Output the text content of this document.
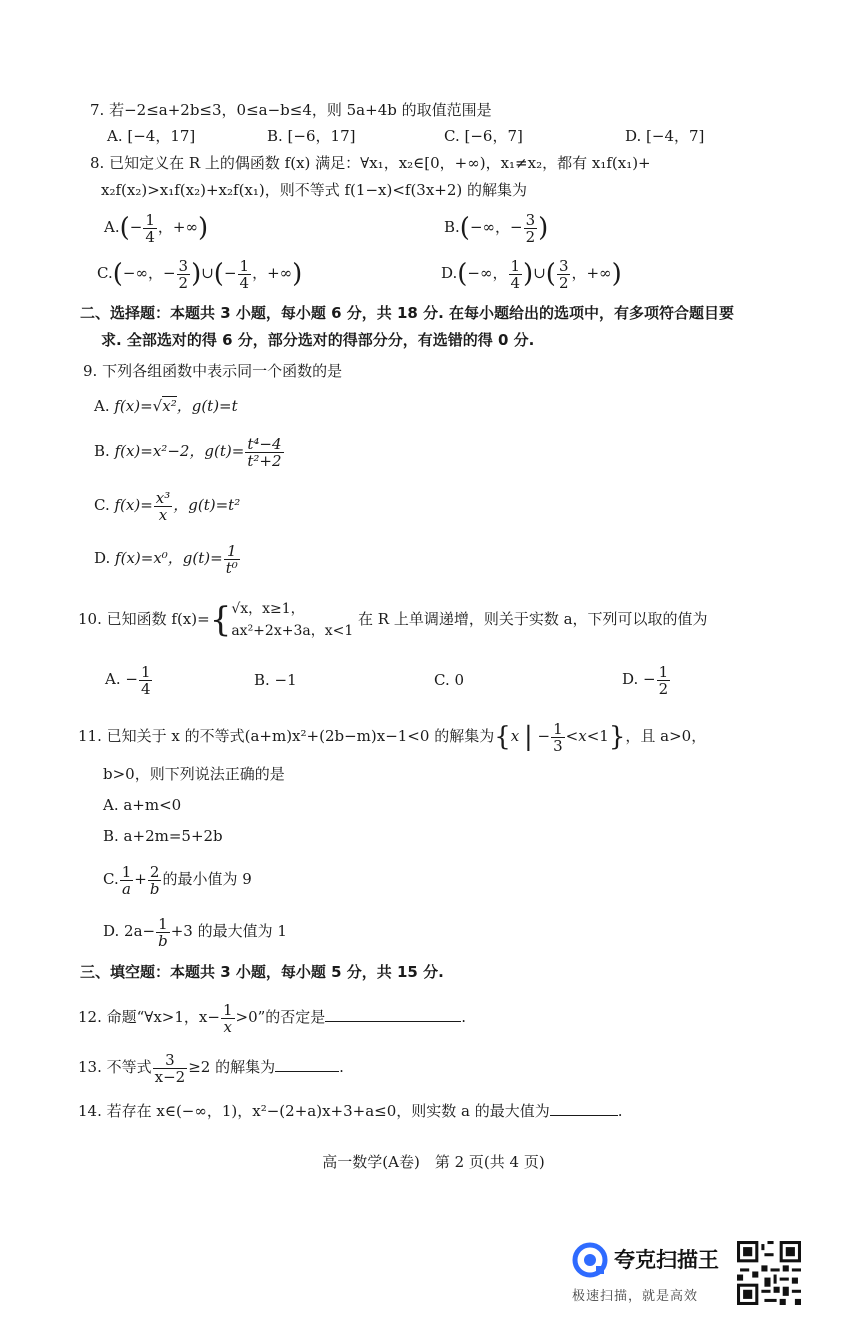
7. 若−2≤a+2b≤3，0≤a−b≤4，则 5a+4b 的取值范围是
A. [−4，17]	B. [−6，17]	C. [−6，7]	D. [−4，7]
8. 已知定义在 R 上的偶函数 f(x) 满足：∀x₁，x₂∈[0，+∞)，x₁≠x₂，都有 x₁f(x₁)+
x₂f(x₂)>x₁f(x₂)+x₂f(x₁)，则不等式 f(1−x)<f(3x+2) 的解集为
$A.(- \frac{1}{4}$ ，+∞)	B.(−∞，− $\frac{3}{2}$ )
C.(−∞，− $\frac{3}{2}$ )∪(− $\frac{1}{4}$ ，+∞)	D.(−∞， $\frac{1}{4}$ )∪( $\frac{3}{2}$ ，+∞)
二、选择题：本题共 3 小题，每小题 6 分，共 18 分. 在每小题给出的选项中，有多项符合题目要
求. 全部选对的得 6 分，部分选对的得部分分，有选错的得 0 分.
9. 下列各组函数中表示同一个函数的是
A. f(x)=√x²，g(t)=t
B. f(x)=x²−2，$g(t)= \frac{\text{t⁴−4}}{\text{t²+2}}$
C. $f(x)= \frac{\text{x³}}{x}$ ，g(t)=t²
D. f(x)=x⁰，$g(t)= \frac{1}{\text{t⁰}}$
10. 已知函数 f(x)={ √x，x≥1，
ax²+2x+3a，x<1
在 R 上单调递增，则关于实数 a，下列可以取的值为
A. − $\frac{1}{4}$	B. −1	C. 0	D. − $\frac{1}{2}$
11. 已知关于 x 的不等式(a+m)x²+(2b−m)x−1<0 的解集为{x | − $\frac{1}{3} <x<1$}，且 a>0，
b>0，则下列说法正确的是
A. a+m<0
B. a+2m=5+2b
C. $\frac{1}{a} + \frac{2}{b}$ 的最小值为 9
D. $2a- \frac{1}{b} +3$ 的最大值为 1
三、填空题：本题共 3 小题，每小题 5 分，共 15 分.
12. 命题“∀x>1，$x- \frac{1}{x} >0$”的否定是	.
13. 不等式 $\frac{3}{x-2} \ge 2$ 的解集为	.
14. 若存在 x∈(−∞，1)，x²−(2+a)x+3+a≤0，则实数 a 的最大值为	.
高一数学(A卷)　第 2 页(共 4 页)
夸克扫描王
极速扫描，就是高效
